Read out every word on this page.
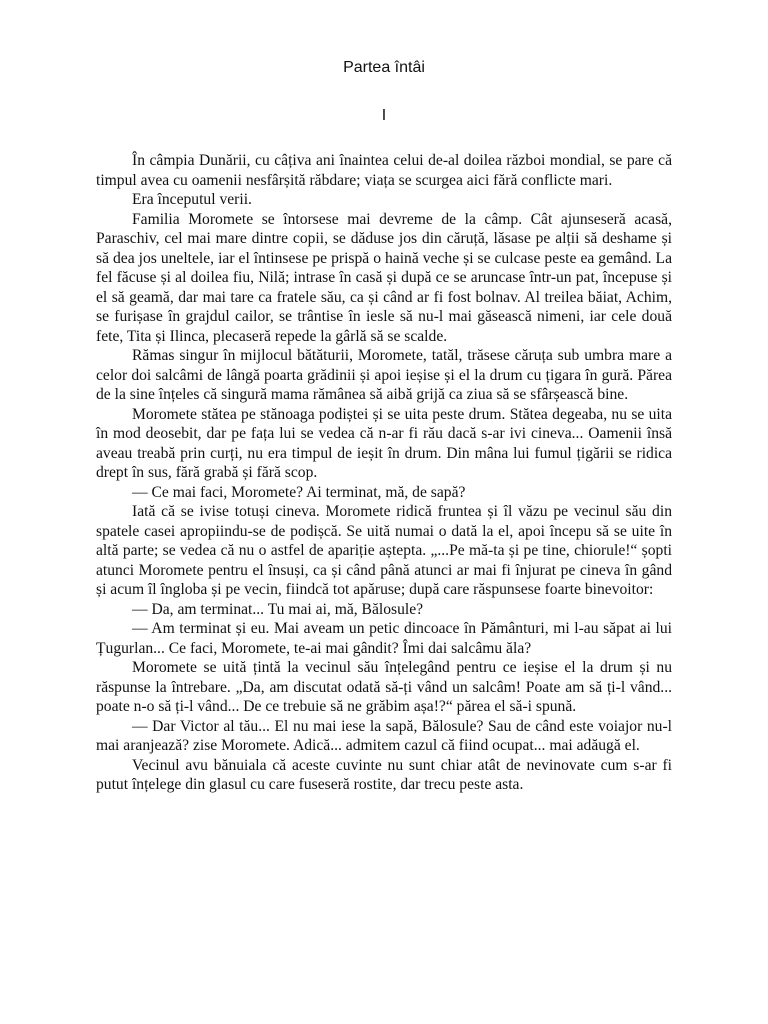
Partea întâi
I

În câmpia Dunării, cu câțiva ani înaintea celui de-al doilea război mondial, se pare că timpul avea cu oamenii nesfârșită răbdare; viața se scurgea aici fără conflicte mari.

Era începutul verii.

Familia Moromete se întorsese mai devreme de la câmp. Cât ajunseseră acasă, Paraschiv, cel mai mare dintre copii, se dăduse jos din căruță, lăsase pe alții să deshame și să dea jos uneltele, iar el întinsese pe prispă o haină veche și se culcase peste ea gemând. La fel făcuse și al doilea fiu, Nilă; intrase în casă și după ce se aruncase într-un pat, începuse și el să geamă, dar mai tare ca fratele său, ca și când ar fi fost bolnav. Al treilea băiat, Achim, se furișase în grajdul cailor, se trântise în iesle să nu-l mai găsească nimeni, iar cele două fete, Tita și Ilinca, plecaseră repede la gârlă să se scalde.

Rămas singur în mijlocul bătăturii, Moromete, tatăl, trăsese căruța sub umbra mare a celor doi salcâmi de lângă poarta grădinii și apoi ieșise și el la drum cu țigara în gură. Părea de la sine înțeles că singură mama rămânea să aibă grijă ca ziua să se sfârșească bine.

Moromete stătea pe stănoaga podiștei și se uita peste drum. Stătea degeaba, nu se uita în mod deosebit, dar pe fața lui se vedea că n-ar fi rău dacă s-ar ivi cineva... Oamenii însă aveau treabă prin curți, nu era timpul de ieșit în drum. Din mâna lui fumul țigării se ridica drept în sus, fără grabă și fără scop.

— Ce mai faci, Moromete? Ai terminat, mă, de sapă?

Iată că se ivise totuși cineva. Moromete ridică fruntea și îl văzu pe vecinul său din spatele casei apropiindu-se de podișcă. Se uită numai o dată la el, apoi începu să se uite în altă parte; se vedea că nu o astfel de apariție aștepta. „...Pe mă-ta și pe tine, chiorule!“ șopti atunci Moromete pentru el însuși, ca și când până atunci ar mai fi înjurat pe cineva în gând și acum îl îngloba și pe vecin, fiindcă tot apăruse; după care răspunsese foarte binevoitor:

— Da, am terminat... Tu mai ai, mă, Bălosule?

— Am terminat și eu. Mai aveam un petic dincoace în Pământuri, mi l-au săpat ai lui Țugurlan... Ce faci, Moromete, te-ai mai gândit? Îmi dai salcâmu ăla?

Moromete se uită țintă la vecinul său înțelegând pentru ce ieșise el la drum și nu răspunse la întrebare. „Da, am discutat odată să-ți vând un salcâm! Poate am să ți-l vând... poate n-o să ți-l vând... De ce trebuie să ne grăbim așa!?“ părea el să-i spună.

— Dar Victor al tău... El nu mai iese la sapă, Bălosule? Sau de când este voiajor nu-l mai aranjează? zise Moromete. Adică... admitem cazul că fiind ocupat... mai adăugă el.

Vecinul avu bănuiala că aceste cuvinte nu sunt chiar atât de nevinovate cum s-ar fi putut înțelege din glasul cu care fuseseră rostite, dar trecu peste asta.
